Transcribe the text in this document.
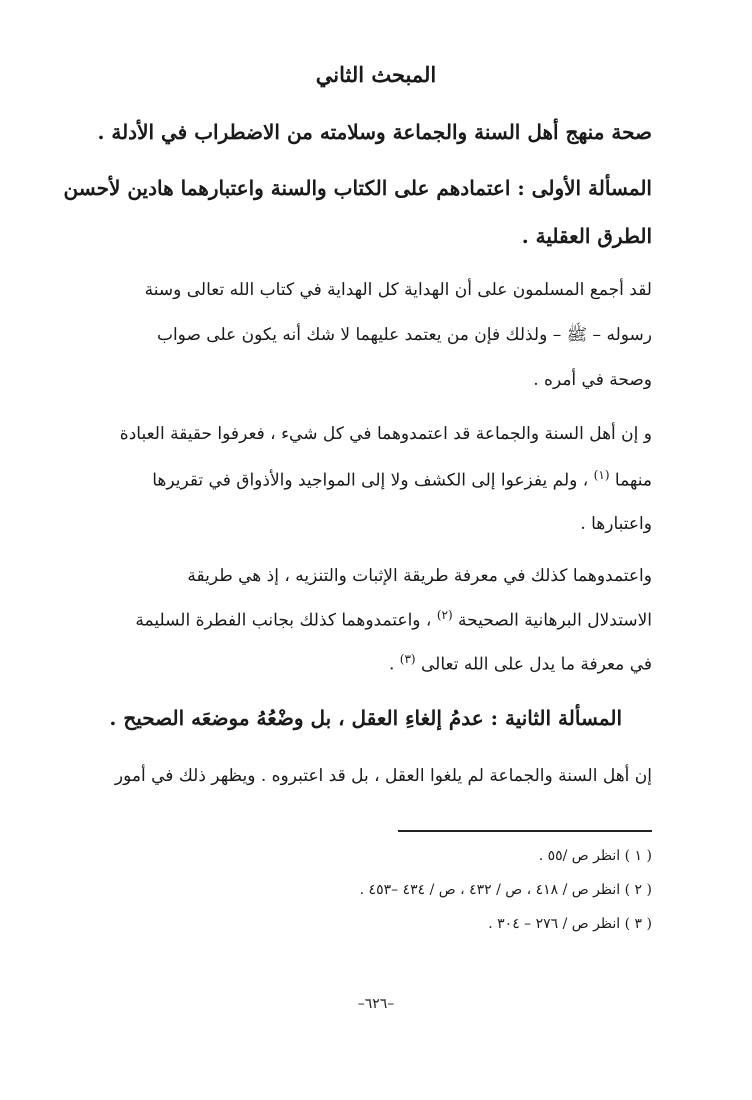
المبحث الثاني
صحة منهج أهل السنة والجماعة وسلامته من الاضطراب في الأدلة .
المسألة الأولى : اعتمادهم على الكتاب والسنة واعتبارهما هادين لأحسن
الطرق العقلية .
لقد أجمع المسلمون على أن الهداية كل الهداية في كتاب الله تعالى وسنة
رسوله – ﷺ – ولذلك فإن من يعتمد عليهما لا شك أنه يكون على صواب
وصحة في أمره .
و إن أهل السنة والجماعة قد اعتمدوهما في كل شيء ، فعرفوا حقيقة العبادة
منهما $^{(١)}$ ، ولم يفزعوا إلى الكشف ولا إلى المواجيد والأذواق في تقريرها
واعتبارها .
واعتمدوهما كذلك في معرفة طريقة الإثبات والتنزيه ، إذ هي طريقة
الاستدلال البرهانية الصحيحة $^{(٢)}$ ، واعتمدوهما كذلك بجانب الفطرة السليمة
في معرفة ما يدل على الله تعالى $^{(٣)}$ .
المسألة الثانية : عدمُ إلغاءِ العقل ، بل وضْعُهُ موضعَه الصحيح .
إن أهل السنة والجماعة لم يلغوا العقل ، بل قد اعتبروه . ويظهر ذلك في أمور
( ١ ) انظر ص /٥٥ .
( ٢ ) انظر ص / ٤١٨ ، ص / ٤٣٢ ، ص / ٤٣٤ –٤٥٣ .
( ٣ ) انظر ص / ٢٧٦ – ٣٠٤ .
–٦٢٦–
